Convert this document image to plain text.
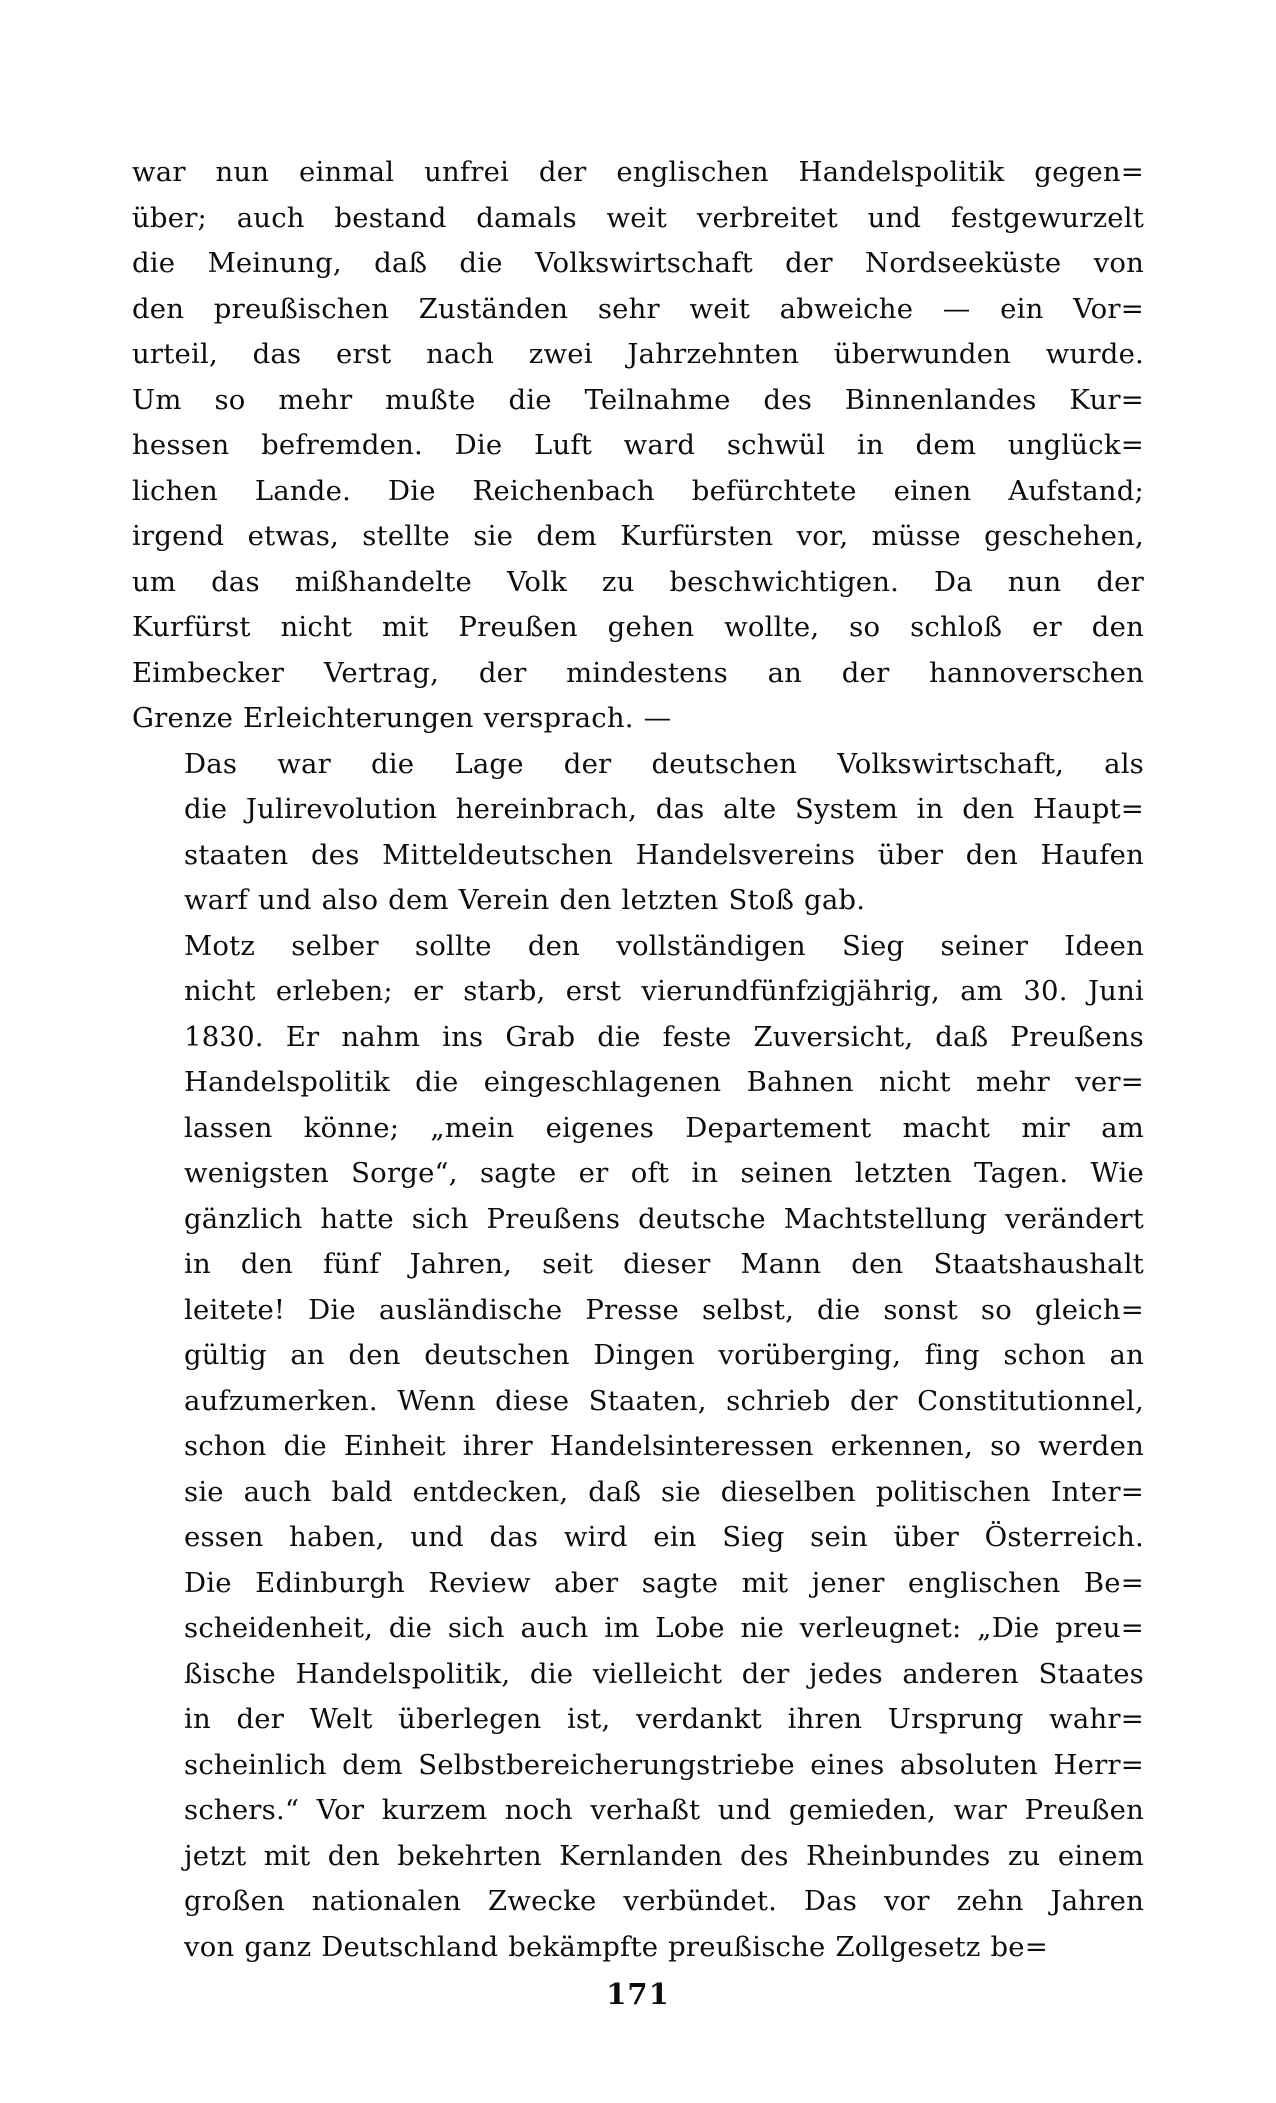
war nun einmal unfrei der englischen Handelspolitik gegen=
über; auch bestand damals weit verbreitet und festgewurzelt
die Meinung, daß die Volkswirtschaft der Nordseeküste von
den preußischen Zuständen sehr weit abweiche — ein Vor=
urteil, das erst nach zwei Jahrzehnten überwunden wurde.
Um so mehr mußte die Teilnahme des Binnenlandes Kur=
hessen befremden. Die Luft ward schwül in dem unglück=
lichen Lande. Die Reichenbach befürchtete einen Aufstand;
irgend etwas, stellte sie dem Kurfürsten vor, müsse geschehen,
um das mißhandelte Volk zu beschwichtigen. Da nun der
Kurfürst nicht mit Preußen gehen wollte, so schloß er den
Eimbecker Vertrag, der mindestens an der hannoverschen
Grenze Erleichterungen versprach. —

Das war die Lage der deutschen Volkswirtschaft, als
die Julirevolution hereinbrach, das alte System in den Haupt=
staaten des Mitteldeutschen Handelsvereins über den Haufen
warf und also dem Verein den letzten Stoß gab.

Motz selber sollte den vollständigen Sieg seiner Ideen
nicht erleben; er starb, erst vierundfünfzigjährig, am 30. Juni
1830. Er nahm ins Grab die feste Zuversicht, daß Preußens
Handelspolitik die eingeschlagenen Bahnen nicht mehr ver=
lassen könne; „mein eigenes Departement macht mir am
wenigsten Sorge“, sagte er oft in seinen letzten Tagen. Wie
gänzlich hatte sich Preußens deutsche Machtstellung verändert
in den fünf Jahren, seit dieser Mann den Staatshaushalt
leitete! Die ausländische Presse selbst, die sonst so gleich=
gültig an den deutschen Dingen vorüberging, fing schon an
aufzumerken. Wenn diese Staaten, schrieb der Constitutionnel,
schon die Einheit ihrer Handelsinteressen erkennen, so werden
sie auch bald entdecken, daß sie dieselben politischen Inter=
essen haben, und das wird ein Sieg sein über Österreich.
Die Edinburgh Review aber sagte mit jener englischen Be=
scheidenheit, die sich auch im Lobe nie verleugnet: „Die preu=
ßische Handelspolitik, die vielleicht der jedes anderen Staates
in der Welt überlegen ist, verdankt ihren Ursprung wahr=
scheinlich dem Selbstbereicherungstriebe eines absoluten Herr=
schers.“ Vor kurzem noch verhaßt und gemieden, war Preußen
jetzt mit den bekehrten Kernlanden des Rheinbundes zu einem
großen nationalen Zwecke verbündet. Das vor zehn Jahren
von ganz Deutschland bekämpfte preußische Zollgesetz be=

171
